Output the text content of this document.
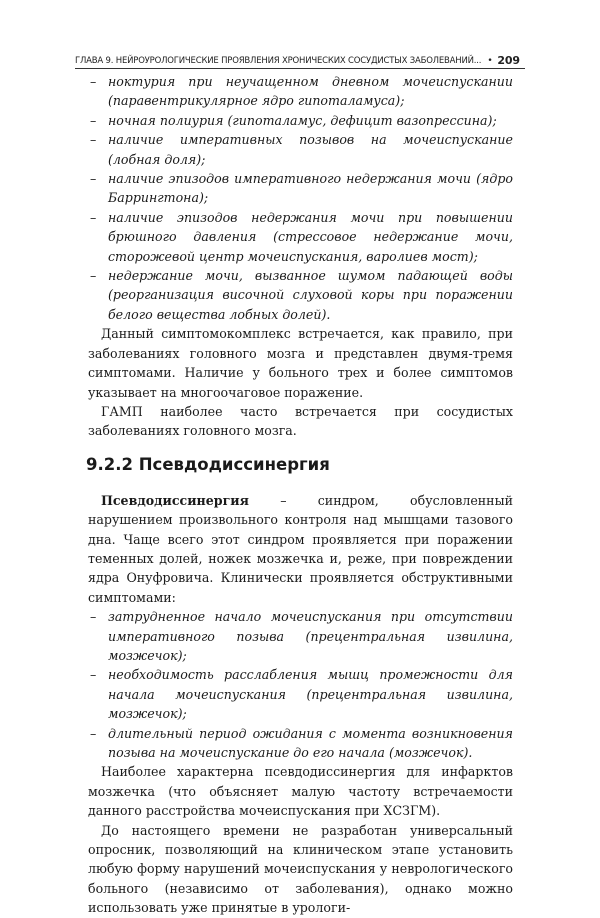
ГЛАВА 9. НЕЙРОУРОЛОГИЧЕСКИЕ ПРОЯВЛЕНИЯ ХРОНИЧЕСКИХ СОСУДИСТЫХ ЗАБОЛЕВАНИЙ... • 209
– ноктурия при неучащенном дневном мочеиспускании (паравентрикулярное ядро гипоталамуса);
– ночная полиурия (гипоталамус, дефицит вазопрессина);
– наличие императивных позывов на мочеиспускание (лобная доля);
– наличие эпизодов императивного недержания мочи (ядро Баррингтона);
– наличие эпизодов недержания мочи при повышении брюшного давления (стрессовое недержание мочи, сторожевой центр мочеиспускания, варолиев мост);
– недержание мочи, вызванное шумом падающей воды (реорганизация височной слуховой коры при поражении белого вещества лобных долей).

Данный симптомокомплекс встречается, как правило, при заболеваниях головного мозга и представлен двумя-тремя симптомами. Наличие у больного трех и более симптомов указывает на многоочаговое поражение.

ГАМП наиболее часто встречается при сосудистых заболеваниях головного мозга.

9.2.2 Псевдодиссинергия

Псевдодиссинергия – синдром, обусловленный нарушением произвольного контроля над мышцами тазового дна. Чаще всего этот синдром проявляется при поражении теменных долей, ножек мозжечка и, реже, при повреждении ядра Онуфровича. Клинически проявляется обструктивными симптомами:

– затрудненное начало мочеиспускания при отсутствии императивного позыва (прецентральная извилина, мозжечок);
– необходимость расслабления мышц промежности для начала мочеиспускания (прецентральная извилина, мозжечок);
– длительный период ожидания с момента возникновения позыва на мочеиспускание до его начала (мозжечок).

Наиболее характерна псевдодиссинергия для инфарктов мозжечка (что объясняет малую частоту встречаемости данного расстройства мочеиспускания при ХСЗГМ).

До настоящего времени не разработан универсальный опросник, позволяющий на клиническом этапе установить любую форму нарушений мочеиспускания у неврологического больного (независимо от заболевания), однако можно использовать уже принятые в урологи-
